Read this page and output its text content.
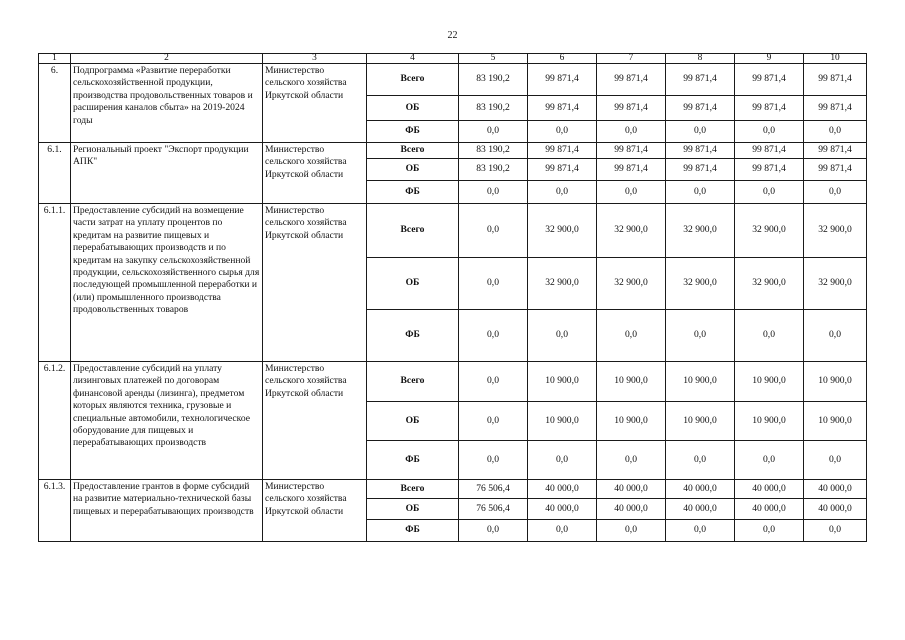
22
1	2	3	4	5	6	7	8	9	10
6.	Подпрограмма «Развитие переработки сельскохозяйственной продукции, производства продовольственных товаров и расширения каналов сбыта» на 2019-2024 годы	Министерство сельского хозяйства Иркутской области	Всего	83 190,2	99 871,4	99 871,4	99 871,4	99 871,4	99 871,4
			ОБ	83 190,2	99 871,4	99 871,4	99 871,4	99 871,4	99 871,4
			ФБ	0,0	0,0	0,0	0,0	0,0	0,0
6.1.	Региональный проект "Экспорт продукции АПК"	Министерство сельского хозяйства Иркутской области	Всего	83 190,2	99 871,4	99 871,4	99 871,4	99 871,4	99 871,4
			ОБ	83 190,2	99 871,4	99 871,4	99 871,4	99 871,4	99 871,4
			ФБ	0,0	0,0	0,0	0,0	0,0	0,0
6.1.1.	Предоставление субсидий на возмещение части затрат на уплату процентов по кредитам на развитие пищевых и перерабатывающих производств и по кредитам на закупку сельскохозяйственной продукции, сельскохозяйственного сырья для последующей промышленной переработки и (или) промышленного производства продовольственных товаров	Министерство сельского хозяйства Иркутской области	Всего	0,0	32 900,0	32 900,0	32 900,0	32 900,0	32 900,0
			ОБ	0,0	32 900,0	32 900,0	32 900,0	32 900,0	32 900,0
			ФБ	0,0	0,0	0,0	0,0	0,0	0,0
6.1.2.	Предоставление субсидий на уплату лизинговых платежей по договорам финансовой аренды (лизинга), предметом которых являются техника, грузовые и специальные автомобили, технологическое оборудование для пищевых и перерабатывающих производств	Министерство сельского хозяйства Иркутской области	Всего	0,0	10 900,0	10 900,0	10 900,0	10 900,0	10 900,0
			ОБ	0,0	10 900,0	10 900,0	10 900,0	10 900,0	10 900,0
			ФБ	0,0	0,0	0,0	0,0	0,0	0,0
6.1.3.	Предоставление грантов в форме субсидий на развитие материально-технической базы пищевых и перерабатывающих производств	Министерство сельского хозяйства Иркутской области	Всего	76 506,4	40 000,0	40 000,0	40 000,0	40 000,0	40 000,0
			ОБ	76 506,4	40 000,0	40 000,0	40 000,0	40 000,0	40 000,0
			ФБ	0,0	0,0	0,0	0,0	0,0	0,0
